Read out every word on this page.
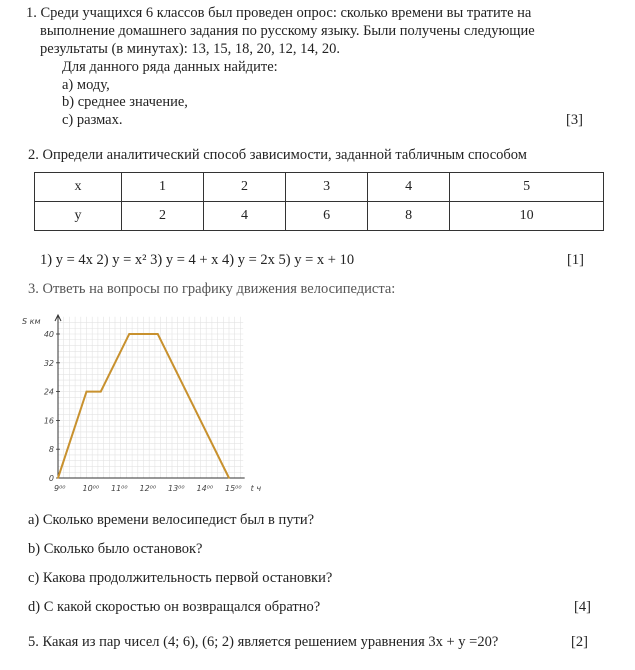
1. Среди учащихся 6 классов был проведен опрос: сколько времени вы тратите на
выполнение домашнего задания по русскому языку. Были получены следующие
результаты (в минутах): 13, 15, 18, 20, 12, 14, 20.
Для данного ряда данных найдите:
а) моду,
b) среднее значение,
с) размах.	[3]
2. Определи аналитический способ зависимости, заданной табличным способом
x	1	2	3	4	5
y	2	4	6	8	10
1) y = 4x 2) y = x² 3) y = 4 + x 4) y = 2x 5) y = x + 10	[1]
3. Ответь на вопросы по графику движения велосипедиста:
0
8
16
24
32
40
9⁰⁰ 10⁰⁰ 11⁰⁰ 12⁰⁰ 13⁰⁰ 14⁰⁰ 15⁰⁰
S км
t ч
а) Сколько времени велосипедист был в пути?
b) Сколько было остановок?
с) Какова продолжительность первой остановки?
d) С какой скоростью он возвращался обратно?	[4]
5. Какая из пар чисел (4; 6), (6; 2) является решением уравнения 3x + y =20?	[2]
